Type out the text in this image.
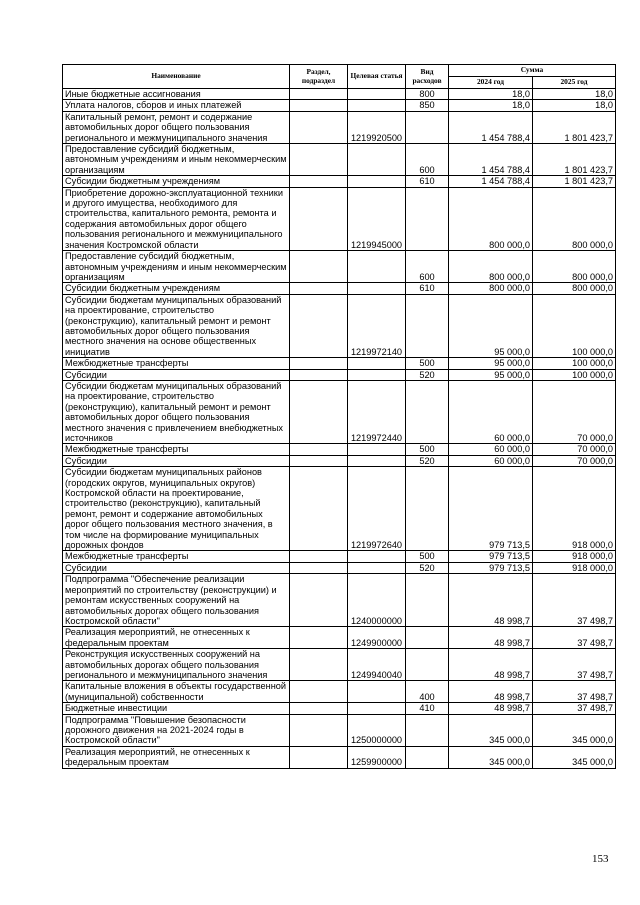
Наименование	Раздел, подраздел	Целевая статья	Вид расходов	Сумма	
				2024 год	2025 год
Иные бюджетные ассигнования			800	18,0	18,0
Уплата налогов, сборов и иных платежей			850	18,0	18,0
Капитальный ремонт, ремонт и содержание автомобильных дорог общего пользования регионального и межмуниципального значения		1219920500		1 454 788,4	1 801 423,7
Предоставление субсидий бюджетным, автономным учреждениям и иным некоммерческим организациям			600	1 454 788,4	1 801 423,7
Субсидии бюджетным учреждениям			610	1 454 788,4	1 801 423,7
Приобретение дорожно-эксплуатационной техники и другого имущества, необходимого для строительства, капитального ремонта, ремонта и содержания автомобильных дорог общего пользования регионального и межмуниципального значения Костромской области		1219945000		800 000,0	800 000,0
Предоставление субсидий бюджетным, автономным учреждениям и иным некоммерческим организациям			600	800 000,0	800 000,0
Субсидии бюджетным учреждениям			610	800 000,0	800 000,0
Субсидии бюджетам муниципальных образований на проектирование, строительство (реконструкцию), капитальный ремонт и ремонт автомобильных дорог общего пользования местного значения на основе общественных инициатив		1219972140		95 000,0	100 000,0
Межбюджетные трансферты			500	95 000,0	100 000,0
Субсидии			520	95 000,0	100 000,0
Субсидии бюджетам муниципальных образований на проектирование, строительство (реконструкцию), капитальный ремонт и ремонт автомобильных дорог общего пользования местного значения с привлечением внебюджетных источников		1219972440		60 000,0	70 000,0
Межбюджетные трансферты			500	60 000,0	70 000,0
Субсидии			520	60 000,0	70 000,0
Субсидии бюджетам муниципальных районов (городских округов, муниципальных округов) Костромской области на проектирование, строительство (реконструкцию), капитальный ремонт, ремонт и содержание автомобильных дорог общего пользования местного значения, в том числе на формирование муниципальных дорожных фондов		1219972640		979 713,5	918 000,0
Межбюджетные трансферты			500	979 713,5	918 000,0
Субсидии			520	979 713,5	918 000,0
Подпрограмма "Обеспечение реализации мероприятий по строительству (реконструкции) и ремонтам искусственных сооружений на автомобильных дорогах общего пользования Костромской области"		1240000000		48 998,7	37 498,7
Реализация мероприятий, не отнесенных к федеральным проектам		1249900000		48 998,7	37 498,7
Реконструкция искусственных сооружений на автомобильных дорогах общего пользования регионального и межмуниципального значения		1249940040		48 998,7	37 498,7
Капитальные вложения в объекты государственной (муниципальной) собственности			400	48 998,7	37 498,7
Бюджетные инвестиции			410	48 998,7	37 498,7
Подпрограмма "Повышение безопасности дорожного движения на 2021-2024 годы в Костромской области"		1250000000		345 000,0	345 000,0
Реализация мероприятий, не отнесенных к федеральным проектам		1259900000		345 000,0	345 000,0
153
